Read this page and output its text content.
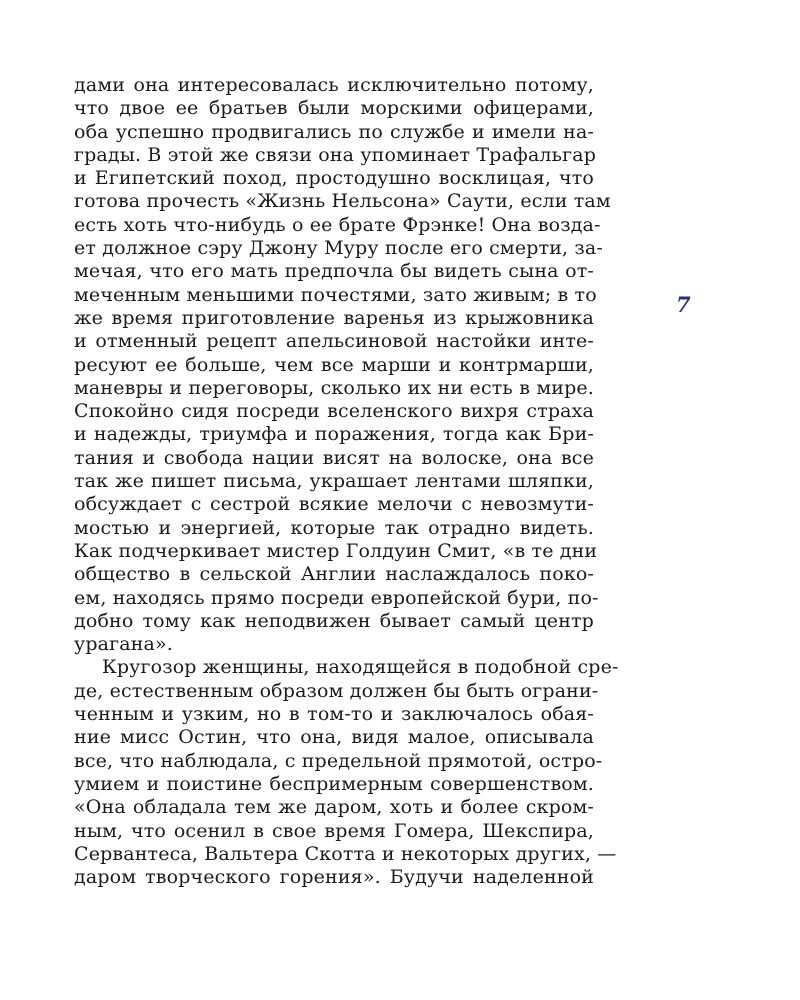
дами она интересовалась исключительно потому,
что двое ее братьев были морскими офицерами,
оба успешно продвигались по службе и имели на-
грады. В этой же связи она упоминает Трафальгар
и Египетский поход, простодушно восклицая, что
готова прочесть «Жизнь Нельсона» Саути, если там
есть хоть что-нибудь о ее брате Фрэнке! Она возда-
ет должное сэру Джону Муру после его смерти, за-
мечая, что его мать предпочла бы видеть сына от-
меченным меньшими почестями, зато живым; в то
же время приготовление варенья из крыжовника
и отменный рецепт апельсиновой настойки инте-
ресуют ее больше, чем все марши и контрмарши,
маневры и переговоры, сколько их ни есть в мире.
Спокойно сидя посреди вселенского вихря страха
и надежды, триумфа и поражения, тогда как Бри-
тания и свобода нации висят на волоске, она все
так же пишет письма, украшает лентами шляпки,
обсуждает с сестрой всякие мелочи с невозмути-
мостью и энергией, которые так отрадно видеть.
Как подчеркивает мистер Голдуин Смит, «в те дни
общество в сельской Англии наслаждалось поко-
ем, находясь прямо посреди европейской бури, по-
добно тому как неподвижен бывает самый центр
урагана».
Кругозор женщины, находящейся в подобной сре-
де, естественным образом должен бы быть ограни-
ченным и узким, но в том-то и заключалось обая-
ние мисс Остин, что она, видя малое, описывала
все, что наблюдала, с предельной прямотой, остро-
умием и поистине беспримерным совершенством.
«Она обладала тем же даром, хоть и более скром-
ным, что осенил в свое время Гомера, Шекспира,
Сервантеса, Вальтера Скотта и некоторых других, —
даром творческого горения». Будучи наделенной
7
